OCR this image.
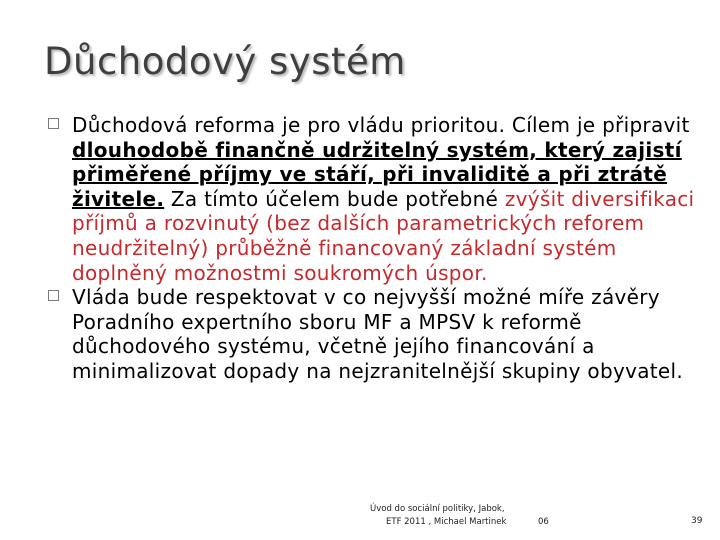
Důchodový systém
Důchodová reforma je pro vládu prioritou. Cílem je připravit dlouhodobě finančně udržitelný systém, který zajistí přiměřené příjmy ve stáří, při invaliditě a při ztrátě živitele. Za tímto účelem bude potřebné zvýšit diversifikaci příjmů a rozvinutý (bez dalších parametrických reforem neudržitelný) průběžně financovaný základní systém doplněný možnostmi soukromých úspor.
Vláda bude respektovat v co nejvyšší možné míře závěry Poradního expertního sboru MF a MPSV k reformě důchodového systému, včetně jejího financování a minimalizovat dopady na nejzranitelnější skupiny obyvatel.
Úvod do sociální politiky, Jabok,
ETF 2011 , Michael Martinek	06	39
